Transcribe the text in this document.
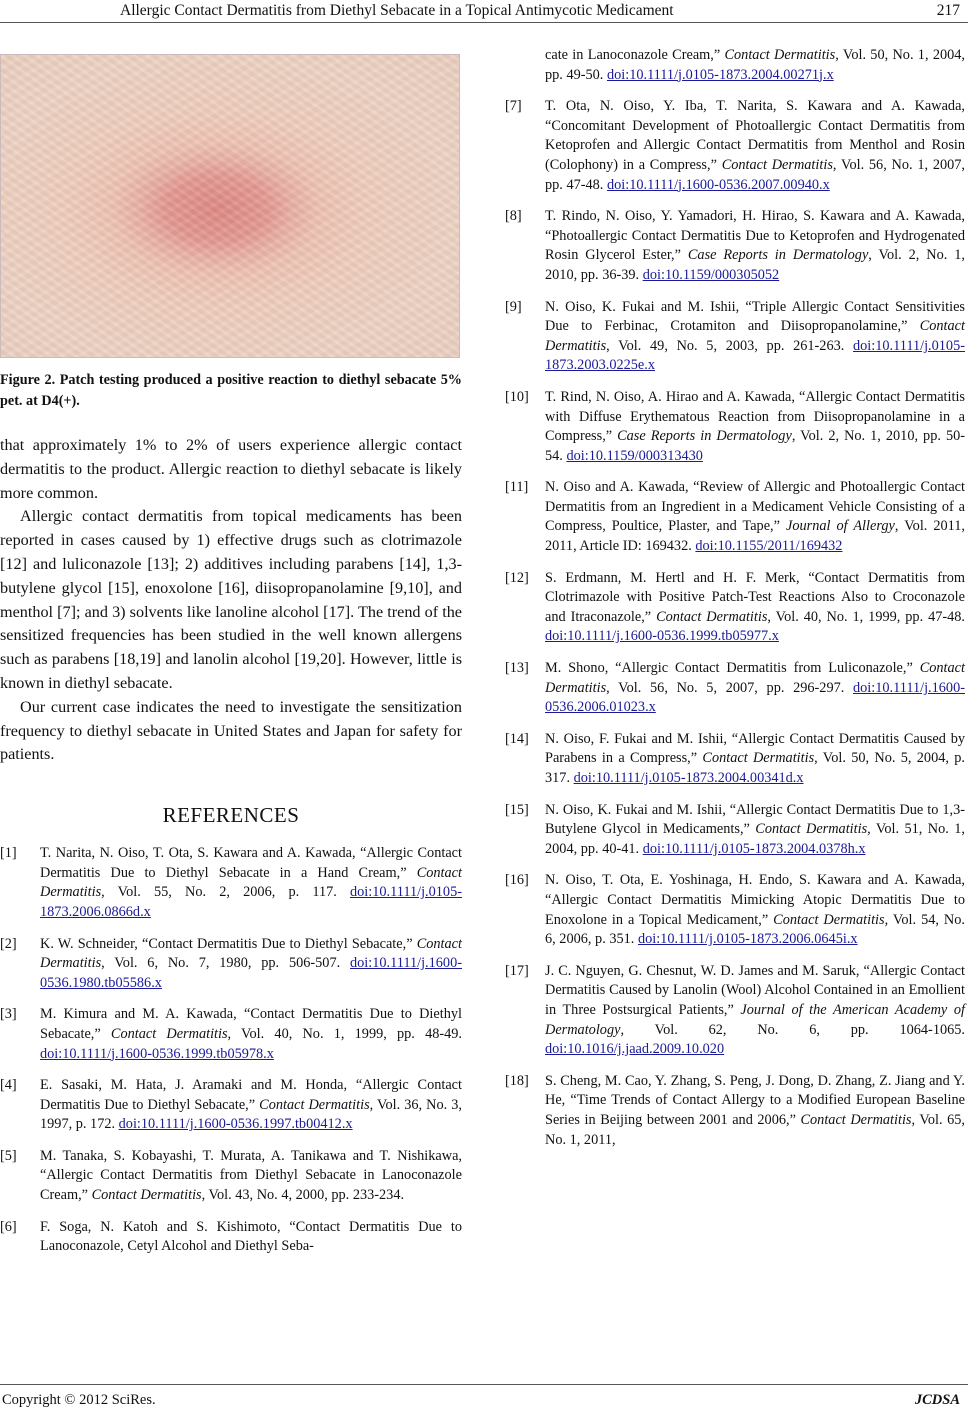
Allergic Contact Dermatitis from Diethyl Sebacate in a Topical Antimycotic Medicament	217
Figure 2. Patch testing produced a positive reaction to diethyl sebacate 5% pet. at D4(+).

that approximately 1% to 2% of users experience allergic contact dermatitis to the product. Allergic reaction to diethyl sebacate is likely more common.

Allergic contact dermatitis from topical medicaments has been reported in cases caused by 1) effective drugs such as clotrimazole [12] and luliconazole [13]; 2) additives including parabens [14], 1,3-butylene glycol [15], enoxolone [16], diisopropanolamine [9,10], and menthol [7]; and 3) solvents like lanoline alcohol [17]. The trend of the sensitized frequencies has been studied in the well known allergens such as parabens [18,19] and lanolin alcohol [19,20]. However, little is known in diethyl sebacate.

Our current case indicates the need to investigate the sensitization frequency to diethyl sebacate in United States and Japan for safety for patients.

REFERENCES
[1] T. Narita, N. Oiso, T. Ota, S. Kawara and A. Kawada, “Allergic Contact Dermatitis Due to Diethyl Sebacate in a Hand Cream,” Contact Dermatitis, Vol. 55, No. 2, 2006, p. 117. doi:10.1111/j.0105-1873.2006.0866d.x
[2] K. W. Schneider, “Contact Dermatitis Due to Diethyl Sebacate,” Contact Dermatitis, Vol. 6, No. 7, 1980, pp. 506-507. doi:10.1111/j.1600-0536.1980.tb05586.x
[3] M. Kimura and M. A. Kawada, “Contact Dermatitis Due to Diethyl Sebacate,” Contact Dermatitis, Vol. 40, No. 1, 1999, pp. 48-49. doi:10.1111/j.1600-0536.1999.tb05978.x
[4] E. Sasaki, M. Hata, J. Aramaki and M. Honda, “Allergic Contact Dermatitis Due to Diethyl Sebacate,” Contact Dermatitis, Vol. 36, No. 3, 1997, p. 172. doi:10.1111/j.1600-0536.1997.tb00412.x
[5] M. Tanaka, S. Kobayashi, T. Murata, A. Tanikawa and T. Nishikawa, “Allergic Contact Dermatitis from Diethyl Sebacate in Lanoconazole Cream,” Contact Dermatitis, Vol. 43, No. 4, 2000, pp. 233-234.
[6] F. Soga, N. Katoh and S. Kishimoto, “Contact Dermatitis Due to Lanoconazole, Cetyl Alcohol and Diethyl Seba-
cate in Lanoconazole Cream,” Contact Dermatitis, Vol. 50, No. 1, 2004, pp. 49-50. doi:10.1111/j.0105-1873.2004.00271j.x
[7] T. Ota, N. Oiso, Y. Iba, T. Narita, S. Kawara and A. Kawada, “Concomitant Development of Photoallergic Contact Dermatitis from Ketoprofen and Allergic Contact Dermatitis from Menthol and Rosin (Colophony) in a Compress,” Contact Dermatitis, Vol. 56, No. 1, 2007, pp. 47-48. doi:10.1111/j.1600-0536.2007.00940.x
[8] T. Rindo, N. Oiso, Y. Yamadori, H. Hirao, S. Kawara and A. Kawada, “Photoallergic Contact Dermatitis Due to Ketoprofen and Hydrogenated Rosin Glycerol Ester,” Case Reports in Dermatology, Vol. 2, No. 1, 2010, pp. 36-39. doi:10.1159/000305052
[9] N. Oiso, K. Fukai and M. Ishii, “Triple Allergic Contact Sensitivities Due to Ferbinac, Crotamiton and Diisopropanolamine,” Contact Dermatitis, Vol. 49, No. 5, 2003, pp. 261-263. doi:10.1111/j.0105-1873.2003.0225e.x
[10] T. Rind, N. Oiso, A. Hirao and A. Kawada, “Allergic Contact Dermatitis with Diffuse Erythematous Reaction from Diisopropanolamine in a Compress,” Case Reports in Dermatology, Vol. 2, No. 1, 2010, pp. 50-54. doi:10.1159/000313430
[11] N. Oiso and A. Kawada, “Review of Allergic and Photoallergic Contact Dermatitis from an Ingredient in a Medicament Vehicle Consisting of a Compress, Poultice, Plaster, and Tape,” Journal of Allergy, Vol. 2011, 2011, Article ID: 169432. doi:10.1155/2011/169432
[12] S. Erdmann, M. Hertl and H. F. Merk, “Contact Dermatitis from Clotrimazole with Positive Patch-Test Reactions Also to Croconazole and Itraconazole,” Contact Dermatitis, Vol. 40, No. 1, 1999, pp. 47-48. doi:10.1111/j.1600-0536.1999.tb05977.x
[13] M. Shono, “Allergic Contact Dermatitis from Luliconazole,” Contact Dermatitis, Vol. 56, No. 5, 2007, pp. 296-297. doi:10.1111/j.1600-0536.2006.01023.x
[14] N. Oiso, F. Fukai and M. Ishii, “Allergic Contact Dermatitis Caused by Parabens in a Compress,” Contact Dermatitis, Vol. 50, No. 5, 2004, p. 317. doi:10.1111/j.0105-1873.2004.00341d.x
[15] N. Oiso, K. Fukai and M. Ishii, “Allergic Contact Dermatitis Due to 1,3-Butylene Glycol in Medicaments,” Contact Dermatitis, Vol. 51, No. 1, 2004, pp. 40-41. doi:10.1111/j.0105-1873.2004.0378h.x
[16] N. Oiso, T. Ota, E. Yoshinaga, H. Endo, S. Kawara and A. Kawada, “Allergic Contact Dermatitis Mimicking Atopic Dermatitis Due to Enoxolone in a Topical Medicament,” Contact Dermatitis, Vol. 54, No. 6, 2006, p. 351. doi:10.1111/j.0105-1873.2006.0645i.x
[17] J. C. Nguyen, G. Chesnut, W. D. James and M. Saruk, “Allergic Contact Dermatitis Caused by Lanolin (Wool) Alcohol Contained in an Emollient in Three Postsurgical Patients,” Journal of the American Academy of Dermatology, Vol. 62, No. 6, pp. 1064-1065. doi:10.1016/j.jaad.2009.10.020
[18] S. Cheng, M. Cao, Y. Zhang, S. Peng, J. Dong, D. Zhang, Z. Jiang and Y. He, “Time Trends of Contact Allergy to a Modified European Baseline Series in Beijing between 2001 and 2006,” Contact Dermatitis, Vol. 65, No. 1, 2011,
Copyright © 2012 SciRes.	JCDSA
